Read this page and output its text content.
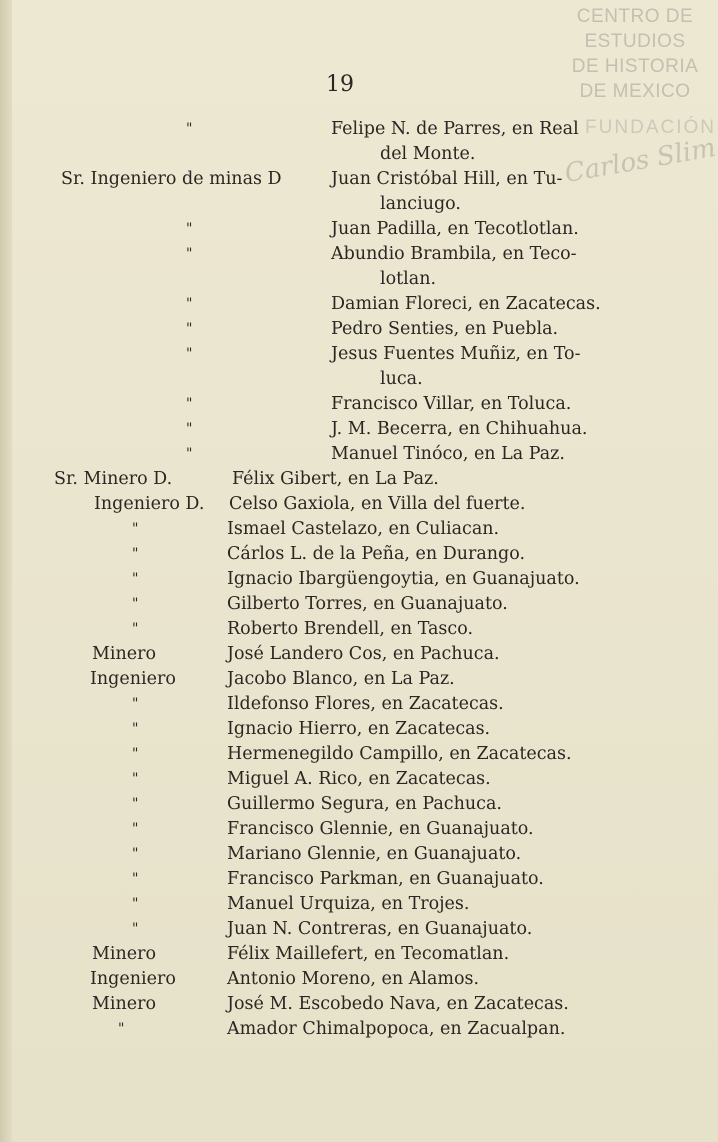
CENTRO DE
ESTUDIOS
DE HISTORIA
DE MEXICO
FUNDACIÓN
Carlos Slim
19
"	Felipe N. de Parres, en Real
del Monte.
Sr. Ingeniero de minas D	Juan Cristóbal Hill, en Tu-
lanciugo.
"	Juan Padilla, en Tecotlotlan.
"	Abundio Brambila, en Teco-
lotlan.
"	Damian Floreci, en Zacatecas.
"	Pedro Senties, en Puebla.
"	Jesus Fuentes Muñiz, en To-
luca.
"	Francisco Villar, en Toluca.
"	J. M. Becerra, en Chihuahua.
"	Manuel Tinóco, en La Paz.
Sr. Minero D.	Félix Gibert, en La Paz.
Ingeniero D. Celso Gaxiola, en Villa del fuerte.
"	Ismael Castelazo, en Culiacan.
"	Cárlos L. de la Peña, en Durango.
"	Ignacio Ibargüengoytia, en Guanajuato.
"	Gilberto Torres, en Guanajuato.
"	Roberto Brendell, en Tasco.
Minero	José Landero Cos, en Pachuca.
Ingeniero	Jacobo Blanco, en La Paz.
"	Ildefonso Flores, en Zacatecas.
"	Ignacio Hierro, en Zacatecas.
"	Hermenegildo Campillo, en Zacatecas.
"	Miguel A. Rico, en Zacatecas.
"	Guillermo Segura, en Pachuca.
"	Francisco Glennie, en Guanajuato.
"	Mariano Glennie, en Guanajuato.
"	Francisco Parkman, en Guanajuato.
"	Manuel Urquiza, en Trojes.
"	Juan N. Contreras, en Guanajuato.
Minero	Félix Maillefert, en Tecomatlan.
Ingeniero	Antonio Moreno, en Alamos.
Minero	José M. Escobedo Nava, en Zacatecas.
"	Amador Chimalpopoca, en Zacualpan.
